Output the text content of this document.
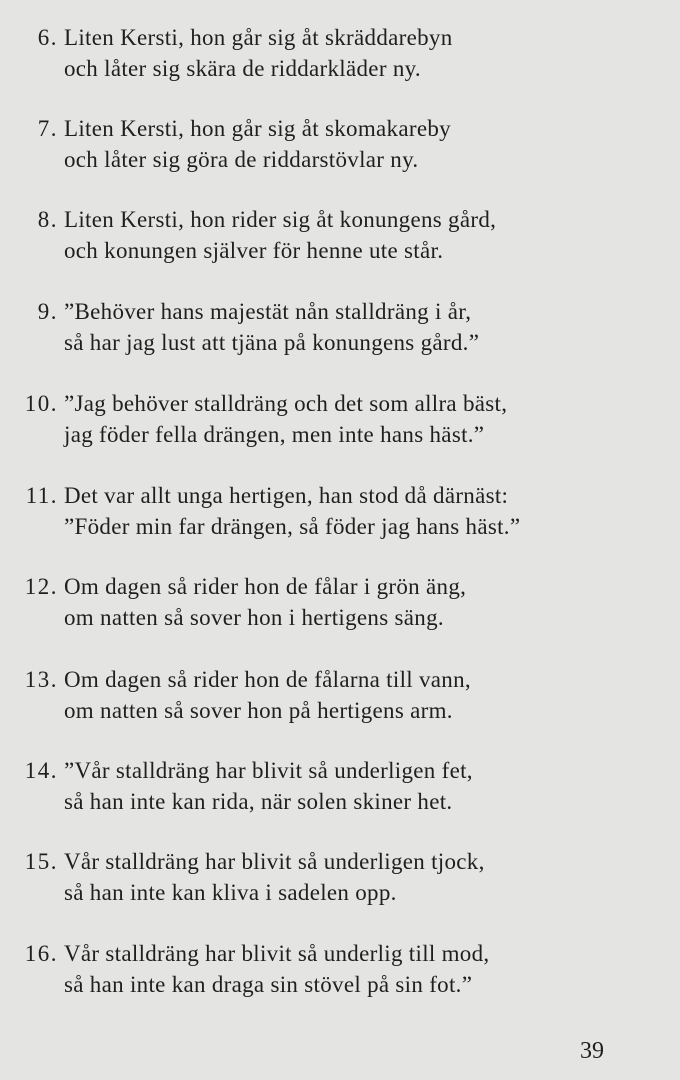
6. Liten Kersti, hon går sig åt skräddarebyn
och låter sig skära de riddarkläder ny.
7. Liten Kersti, hon går sig åt skomakareby
och låter sig göra de riddarstövlar ny.
8. Liten Kersti, hon rider sig åt konungens gård,
och konungen själver för henne ute står.
9. ”Behöver hans majestät nån stalldräng i år,
så har jag lust att tjäna på konungens gård.”
10. ”Jag behöver stalldräng och det som allra bäst,
jag föder fella drängen, men inte hans häst.”
11. Det var allt unga hertigen, han stod då därnäst:
”Föder min far drängen, så föder jag hans häst.”
12. Om dagen så rider hon de fålar i grön äng,
om natten så sover hon i hertigens säng.
13. Om dagen så rider hon de fålarna till vann,
om natten så sover hon på hertigens arm.
14. ”Vår stalldräng har blivit så underligen fet,
så han inte kan rida, när solen skiner het.
15. Vår stalldräng har blivit så underligen tjock,
så han inte kan kliva i sadelen opp.
16. Vår stalldräng har blivit så underlig till mod,
så han inte kan draga sin stövel på sin fot.”
39
